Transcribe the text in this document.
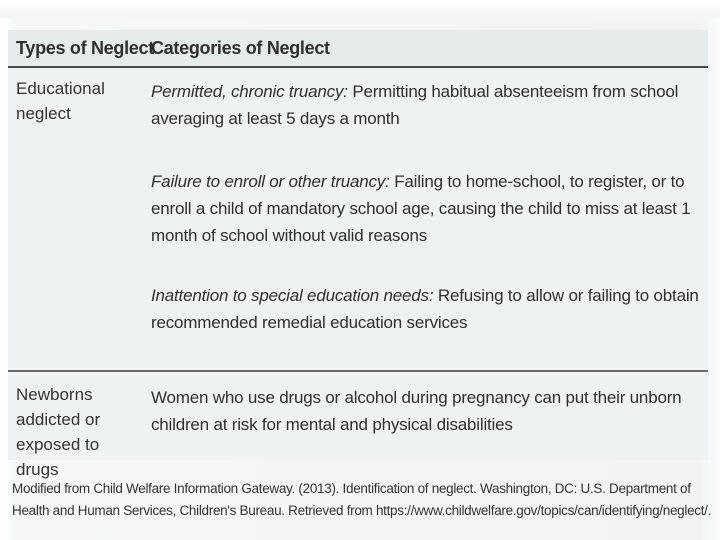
Types of Neglect
Categories of Neglect
Educational neglect
Permitted, chronic truancy: Permitting habitual absenteeism from school averaging at least 5 days a month
Failure to enroll or other truancy: Failing to home-school, to register, or to enroll a child of mandatory school age, causing the child to miss at least 1 month of school without valid reasons
Inattention to special education needs: Refusing to allow or failing to obtain recommended remedial education services
Newborns addicted or exposed to drugs
Women who use drugs or alcohol during pregnancy can put their unborn children at risk for mental and physical disabilities
Modified from Child Welfare Information Gateway. (2013). Identification of neglect. Washington, DC: U.S. Department of Health and Human Services, Children's Bureau. Retrieved from https://www.childwelfare.gov/topics/can/identifying/neglect/.
